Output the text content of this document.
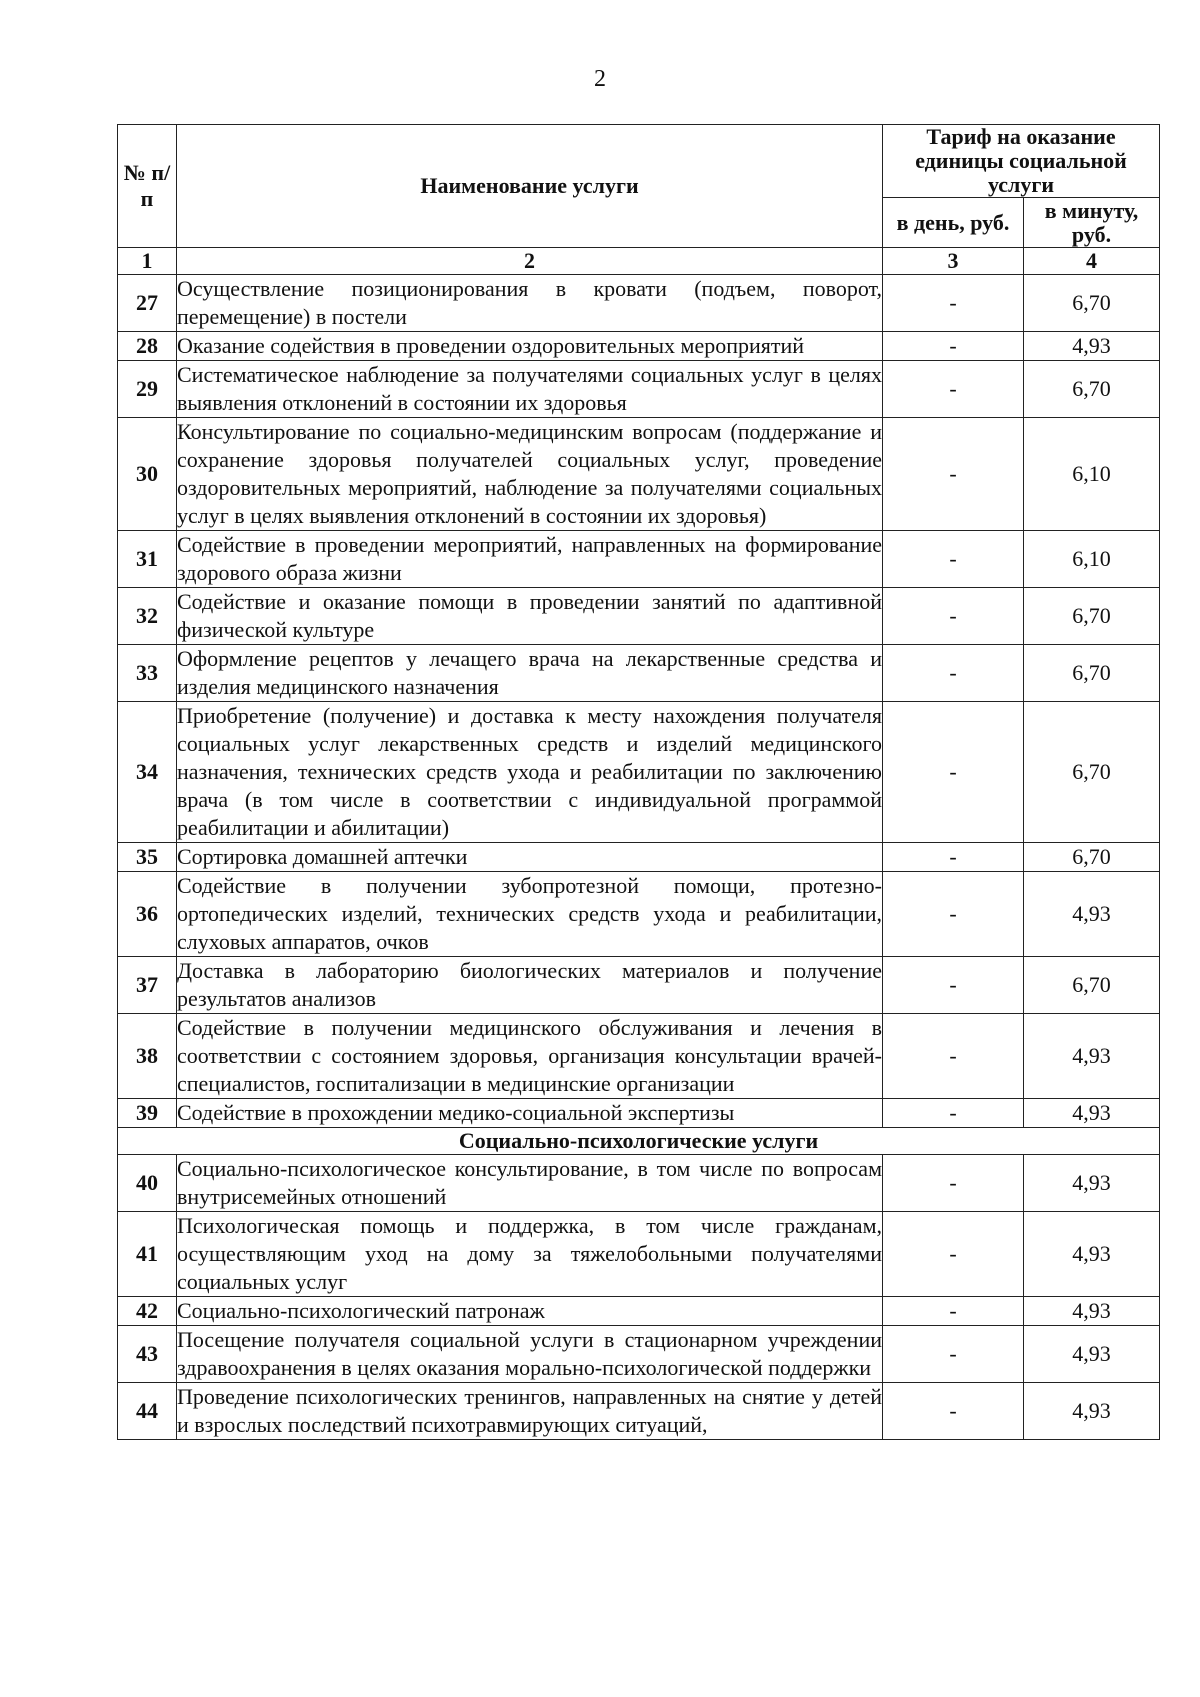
2
№ п/п	Наименование услуги	Тариф на оказание единицы социальной услуги	
		в день, руб.	в минуту, руб.
1	2	3	4
27	Осуществление позиционирования в кровати (подъем, поворот, перемещение) в постели	-	6,70
28	Оказание содействия в проведении оздоровительных мероприятий	-	4,93
29	Систематическое наблюдение за получателями социальных услуг в целях выявления отклонений в состоянии их здоровья	-	6,70
30	Консультирование по социально-медицинским вопросам (поддержание и сохранение здоровья получателей социальных услуг, проведение оздоровительных мероприятий, наблюдение за получателями социальных услуг в целях выявления отклонений в состоянии их здоровья)	-	6,10
31	Содействие в проведении мероприятий, направленных на формирование здорового образа жизни	-	6,10
32	Содействие и оказание помощи в проведении занятий по адаптивной физической культуре	-	6,70
33	Оформление рецептов у лечащего врача на лекарственные средства и изделия медицинского назначения	-	6,70
34	Приобретение (получение) и доставка к месту нахождения получателя социальных услуг лекарственных средств и изделий медицинского назначения, технических средств ухода и реабилитации по заключению врача (в том числе в соответствии с индивидуальной программой реабилитации и абилитации)	-	6,70
35	Сортировка домашней аптечки	-	6,70
36	Содействие в получении зубопротезной помощи, протезно-ортопедических изделий, технических средств ухода и реабилитации, слуховых аппаратов, очков	-	4,93
37	Доставка в лабораторию биологических материалов и получение результатов анализов	-	6,70
38	Содействие в получении медицинского обслуживания и лечения в соответствии с состоянием здоровья, организация консультации врачей-специалистов, госпитализации в медицинские организации	-	4,93
39	Содействие в прохождении медико-социальной экспертизы	-	4,93
Социально-психологические услуги			
40	Социально-психологическое консультирование, в том числе по вопросам внутрисемейных отношений	-	4,93
41	Психологическая помощь и поддержка, в том числе гражданам, осуществляющим уход на дому за тяжелобольными получателями социальных услуг	-	4,93
42	Социально-психологический патронаж	-	4,93
43	Посещение получателя социальной услуги в стационарном учреждении здравоохранения в целях оказания морально-психологической поддержки	-	4,93
44	Проведение психологических тренингов, направленных на снятие у детей и взрослых последствий психотравмирующих ситуаций,	-	4,93
